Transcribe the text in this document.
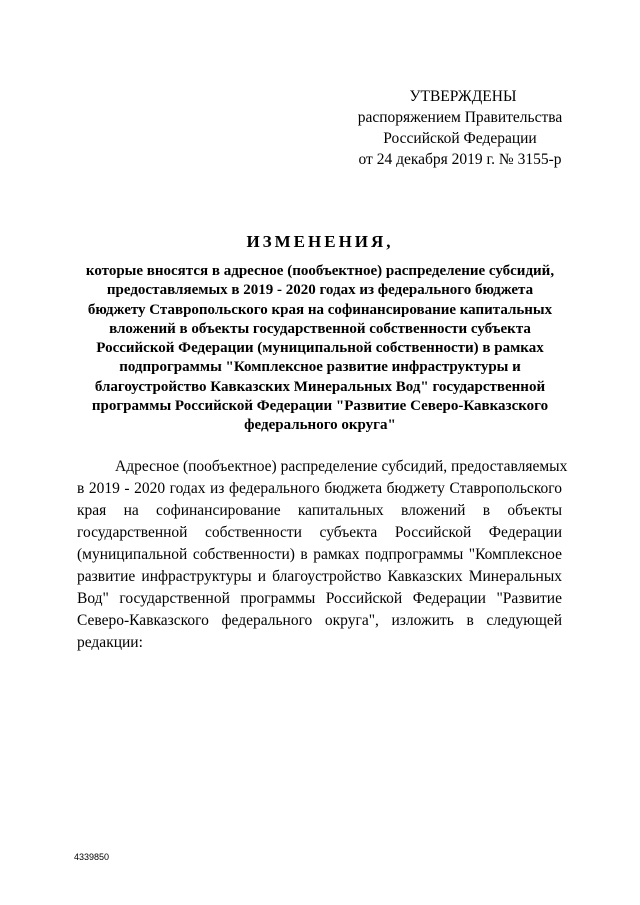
УТВЕРЖДЕНЫ
распоряжением Правительства
Российской Федерации
от 24 декабря 2019 г. № 3155-р
ИЗМЕНЕНИЯ,
которые вносятся в адресное (пообъектное) распределение субсидий,
предоставляемых в 2019 - 2020 годах из федерального бюджета
бюджету Ставропольского края на софинансирование капитальных
вложений в объекты государственной собственности субъекта
Российской Федерации (муниципальной собственности) в рамках
подпрограммы "Комплексное развитие инфраструктуры и
благоустройство Кавказских Минеральных Вод" государственной
программы Российской Федерации "Развитие Северо-Кавказского
федерального округа"
Адресное (пообъектное) распределение субсидий, предоставляемых
в 2019 - 2020 годах из федерального бюджета бюджету Ставропольского
края на софинансирование капитальных вложений в объекты
государственной собственности субъекта Российской Федерации
(муниципальной собственности) в рамках подпрограммы "Комплексное
развитие инфраструктуры и благоустройство Кавказских Минеральных
Вод" государственной программы Российской Федерации "Развитие
Северо-Кавказского федерального округа", изложить в следующей
редакции:
4339850
